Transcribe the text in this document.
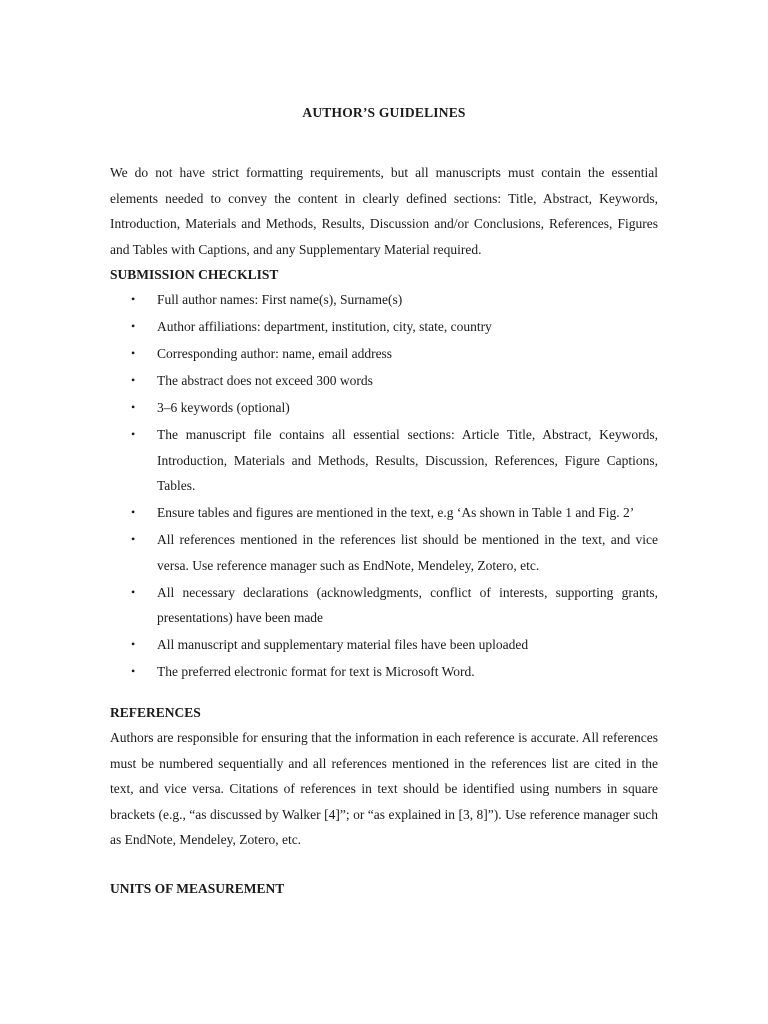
AUTHOR’S GUIDELINES

We do not have strict formatting requirements, but all manuscripts must contain the essential elements needed to convey the content in clearly defined sections: Title, Abstract, Keywords, Introduction, Materials and Methods, Results, Discussion and/or Conclusions, References, Figures and Tables with Captions, and any Supplementary Material required.

SUBMISSION CHECKLIST
• Full author names: First name(s), Surname(s)
• Author affiliations: department, institution, city, state, country
• Corresponding author: name, email address
• The abstract does not exceed 300 words
• 3–6 keywords (optional)
• The manuscript file contains all essential sections: Article Title, Abstract, Keywords, Introduction, Materials and Methods, Results, Discussion, References, Figure Captions, Tables.
• Ensure tables and figures are mentioned in the text, e.g ‘As shown in Table 1 and Fig. 2’
• All references mentioned in the references list should be mentioned in the text, and vice versa. Use reference manager such as EndNote, Mendeley, Zotero, etc.
• All necessary declarations (acknowledgments, conflict of interests, supporting grants, presentations) have been made
• All manuscript and supplementary material files have been uploaded
• The preferred electronic format for text is Microsoft Word.
REFERENCES

Authors are responsible for ensuring that the information in each reference is accurate. All references must be numbered sequentially and all references mentioned in the references list are cited in the text, and vice versa. Citations of references in text should be identified using numbers in square brackets (e.g., “as discussed by Walker [4]”; or “as explained in [3, 8]”). Use reference manager such as EndNote, Mendeley, Zotero, etc.

UNITS OF MEASUREMENT
